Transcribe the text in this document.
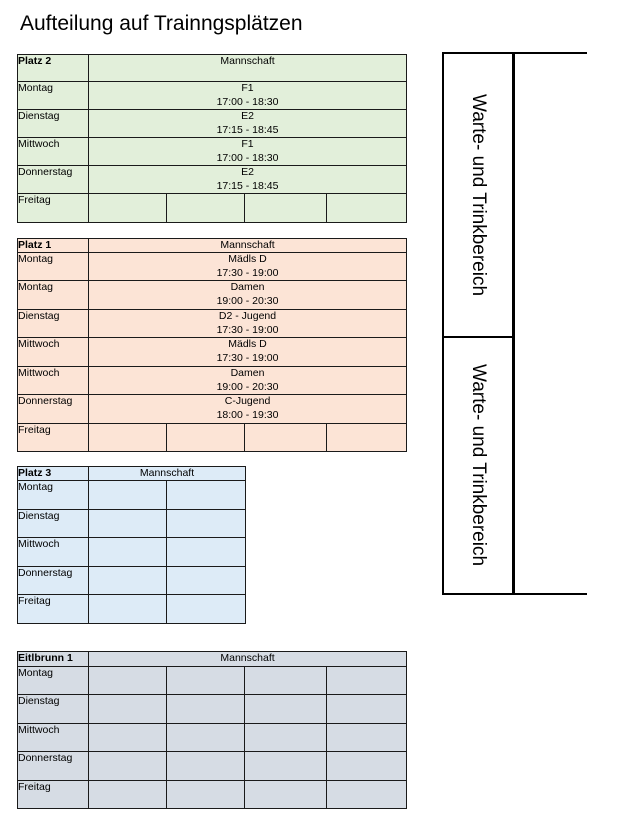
Aufteilung auf Trainngsplätzen
Platz 2	Mannschaft			
Montag	F1
17:00 - 18:30			

Dienstag	E2
17:15 - 18:45			

Mittwoch	F1
17:00 - 18:30			

Donnerstag	E2
17:15 - 18:45			

Freitag				
Platz 1	Mannschaft			
Montag	Mädls D
17:30 - 19:00			

Montag	Damen
19:00 - 20:30			

Dienstag	D2 - Jugend
17:30 - 19:00			

Mittwoch	Mädls D
17:30 - 19:00			

Mittwoch	Damen
19:00 - 20:30			

Donnerstag	C-Jugend
18:00 - 19:30			

Freitag				
Platz 3	Mannschaft	
Montag		
Dienstag		
Mittwoch		
Donnerstag		
Freitag		
Eitlbrunn 1	Mannschaft			
Montag				
Dienstag				
Mittwoch				
Donnerstag				
Freitag				
Warte- und Trinkbereich
Warte- und Trinkbereich
